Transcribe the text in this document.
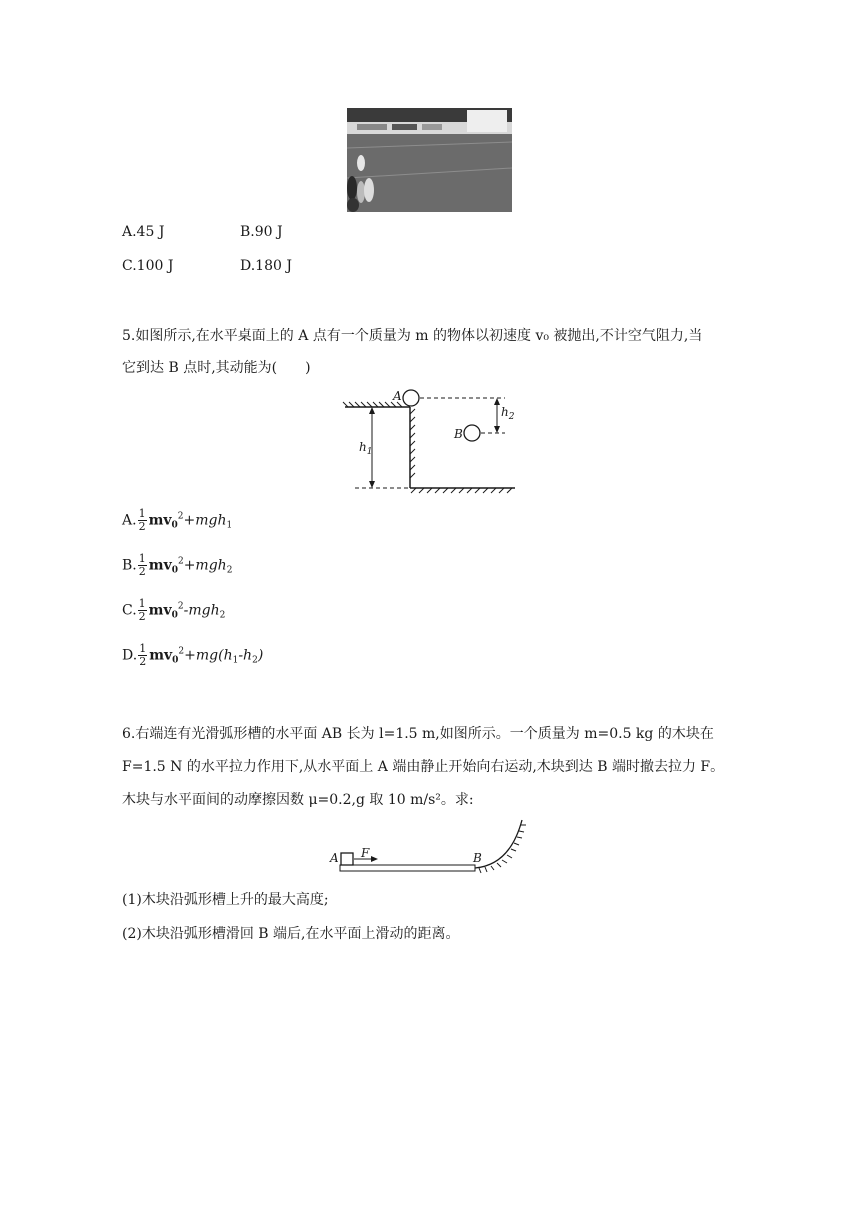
A.45 J	B.90 J
C.100 J	D.180 J
5.如图所示,在水平桌面上的 A 点有一个质量为 m 的物体以初速度 v₀ 被抛出,不计空气阻力,当
它到达 B 点时,其动能为(　　)
A
B
$h_1$
$h_2$
A. $\frac{1}{2} mv_0^2+mgh_1$
B. $\frac{1}{2} mv_0^2+mgh_2$
C. $\frac{1}{2} mv_0^2-mgh_2$
D. $\frac{1}{2} mv_0^2+mg(h_1-h_2)$
6.右端连有光滑弧形槽的水平面 AB 长为 l=1.5 m,如图所示。一个质量为 m=0.5 kg 的木块在
F=1.5 N 的水平拉力作用下,从水平面上 A 端由静止开始向右运动,木块到达 B 端时撤去拉力 F。
木块与水平面间的动摩擦因数 μ=0.2,g 取 10 m/s²。求:
A F	B
(1)木块沿弧形槽上升的最大高度;
(2)木块沿弧形槽滑回 B 端后,在水平面上滑动的距离。
